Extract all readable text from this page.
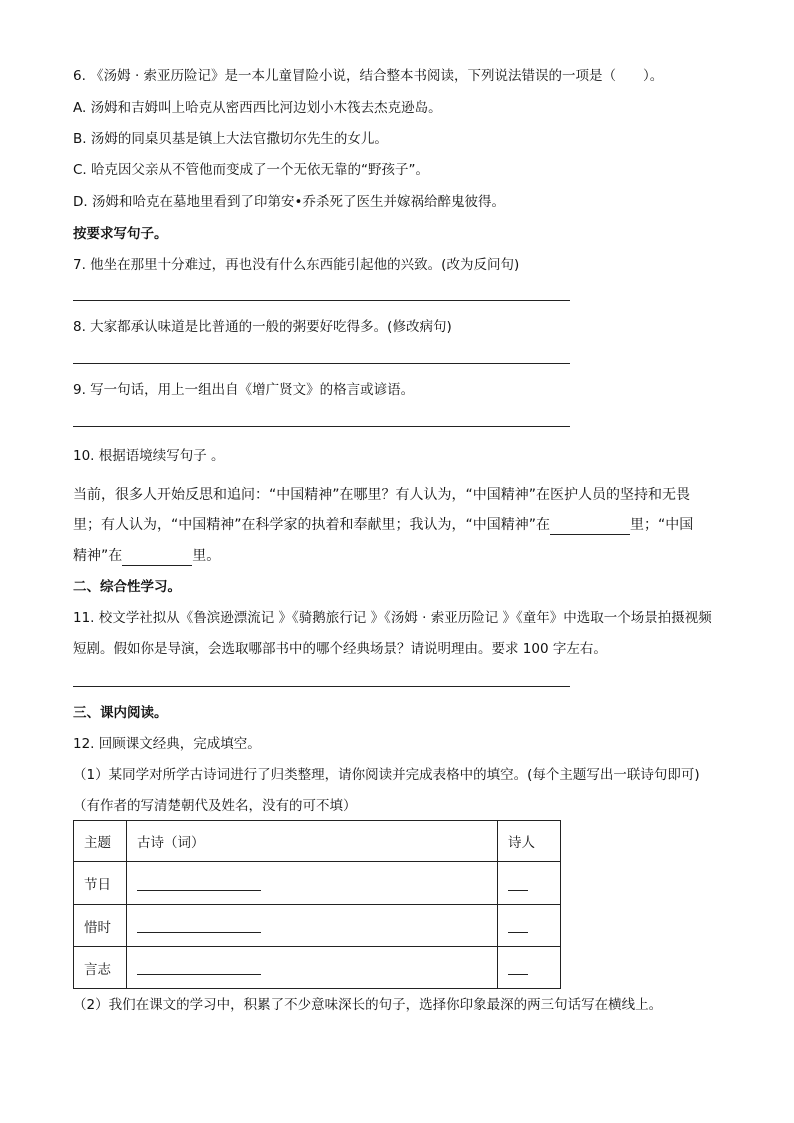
6. 《汤姆 · 索亚历险记》是一本儿童冒险小说，结合整本书阅读，下列说法错误的一项是（　　）。
A. 汤姆和吉姆叫上哈克从密西西比河边划小木筏去杰克逊岛。
B. 汤姆的同桌贝基是镇上大法官撒切尔先生的女儿。
C. 哈克因父亲从不管他而变成了一个无依无靠的“野孩子”。
D. 汤姆和哈克在墓地里看到了印第安•乔杀死了医生并嫁祸给醉鬼彼得。
按要求写句子。
7. 他坐在那里十分难过，再也没有什么东西能引起他的兴致。(改为反问句)
8. 大家都承认味道是比普通的一般的粥要好吃得多。(修改病句)
9. 写一句话，用上一组出自《增广贤文》的格言或谚语。
10. 根据语境续写句子 。
当前，很多人开始反思和追问：“中国精神”在哪里？有人认为，“中国精神”在医护人员的坚持和无畏
里；有人认为，“中国精神”在科学家的执着和奉献里；我认为，“中国精神”在	里；“中国
精神”在	里。
二、综合性学习。
11. 校文学社拟从《鲁滨逊漂流记 》《骑鹅旅行记 》《汤姆 · 索亚历险记 》《童年》中选取一个场景拍摄视频
短剧。假如你是导演，会选取哪部书中的哪个经典场景？请说明理由。要求 100 字左右。
三、课内阅读。
12. 回顾课文经典，完成填空。
（1）某同学对所学古诗词进行了归类整理，请你阅读并完成表格中的填空。(每个主题写出一联诗句即可)
（有作者的写清楚朝代及姓名，没有的可不填）
主题	古诗（词）	诗人
节日		
惜时		
言志		
（2）我们在课文的学习中，积累了不少意味深长的句子，选择你印象最深的两三句话写在横线上。
